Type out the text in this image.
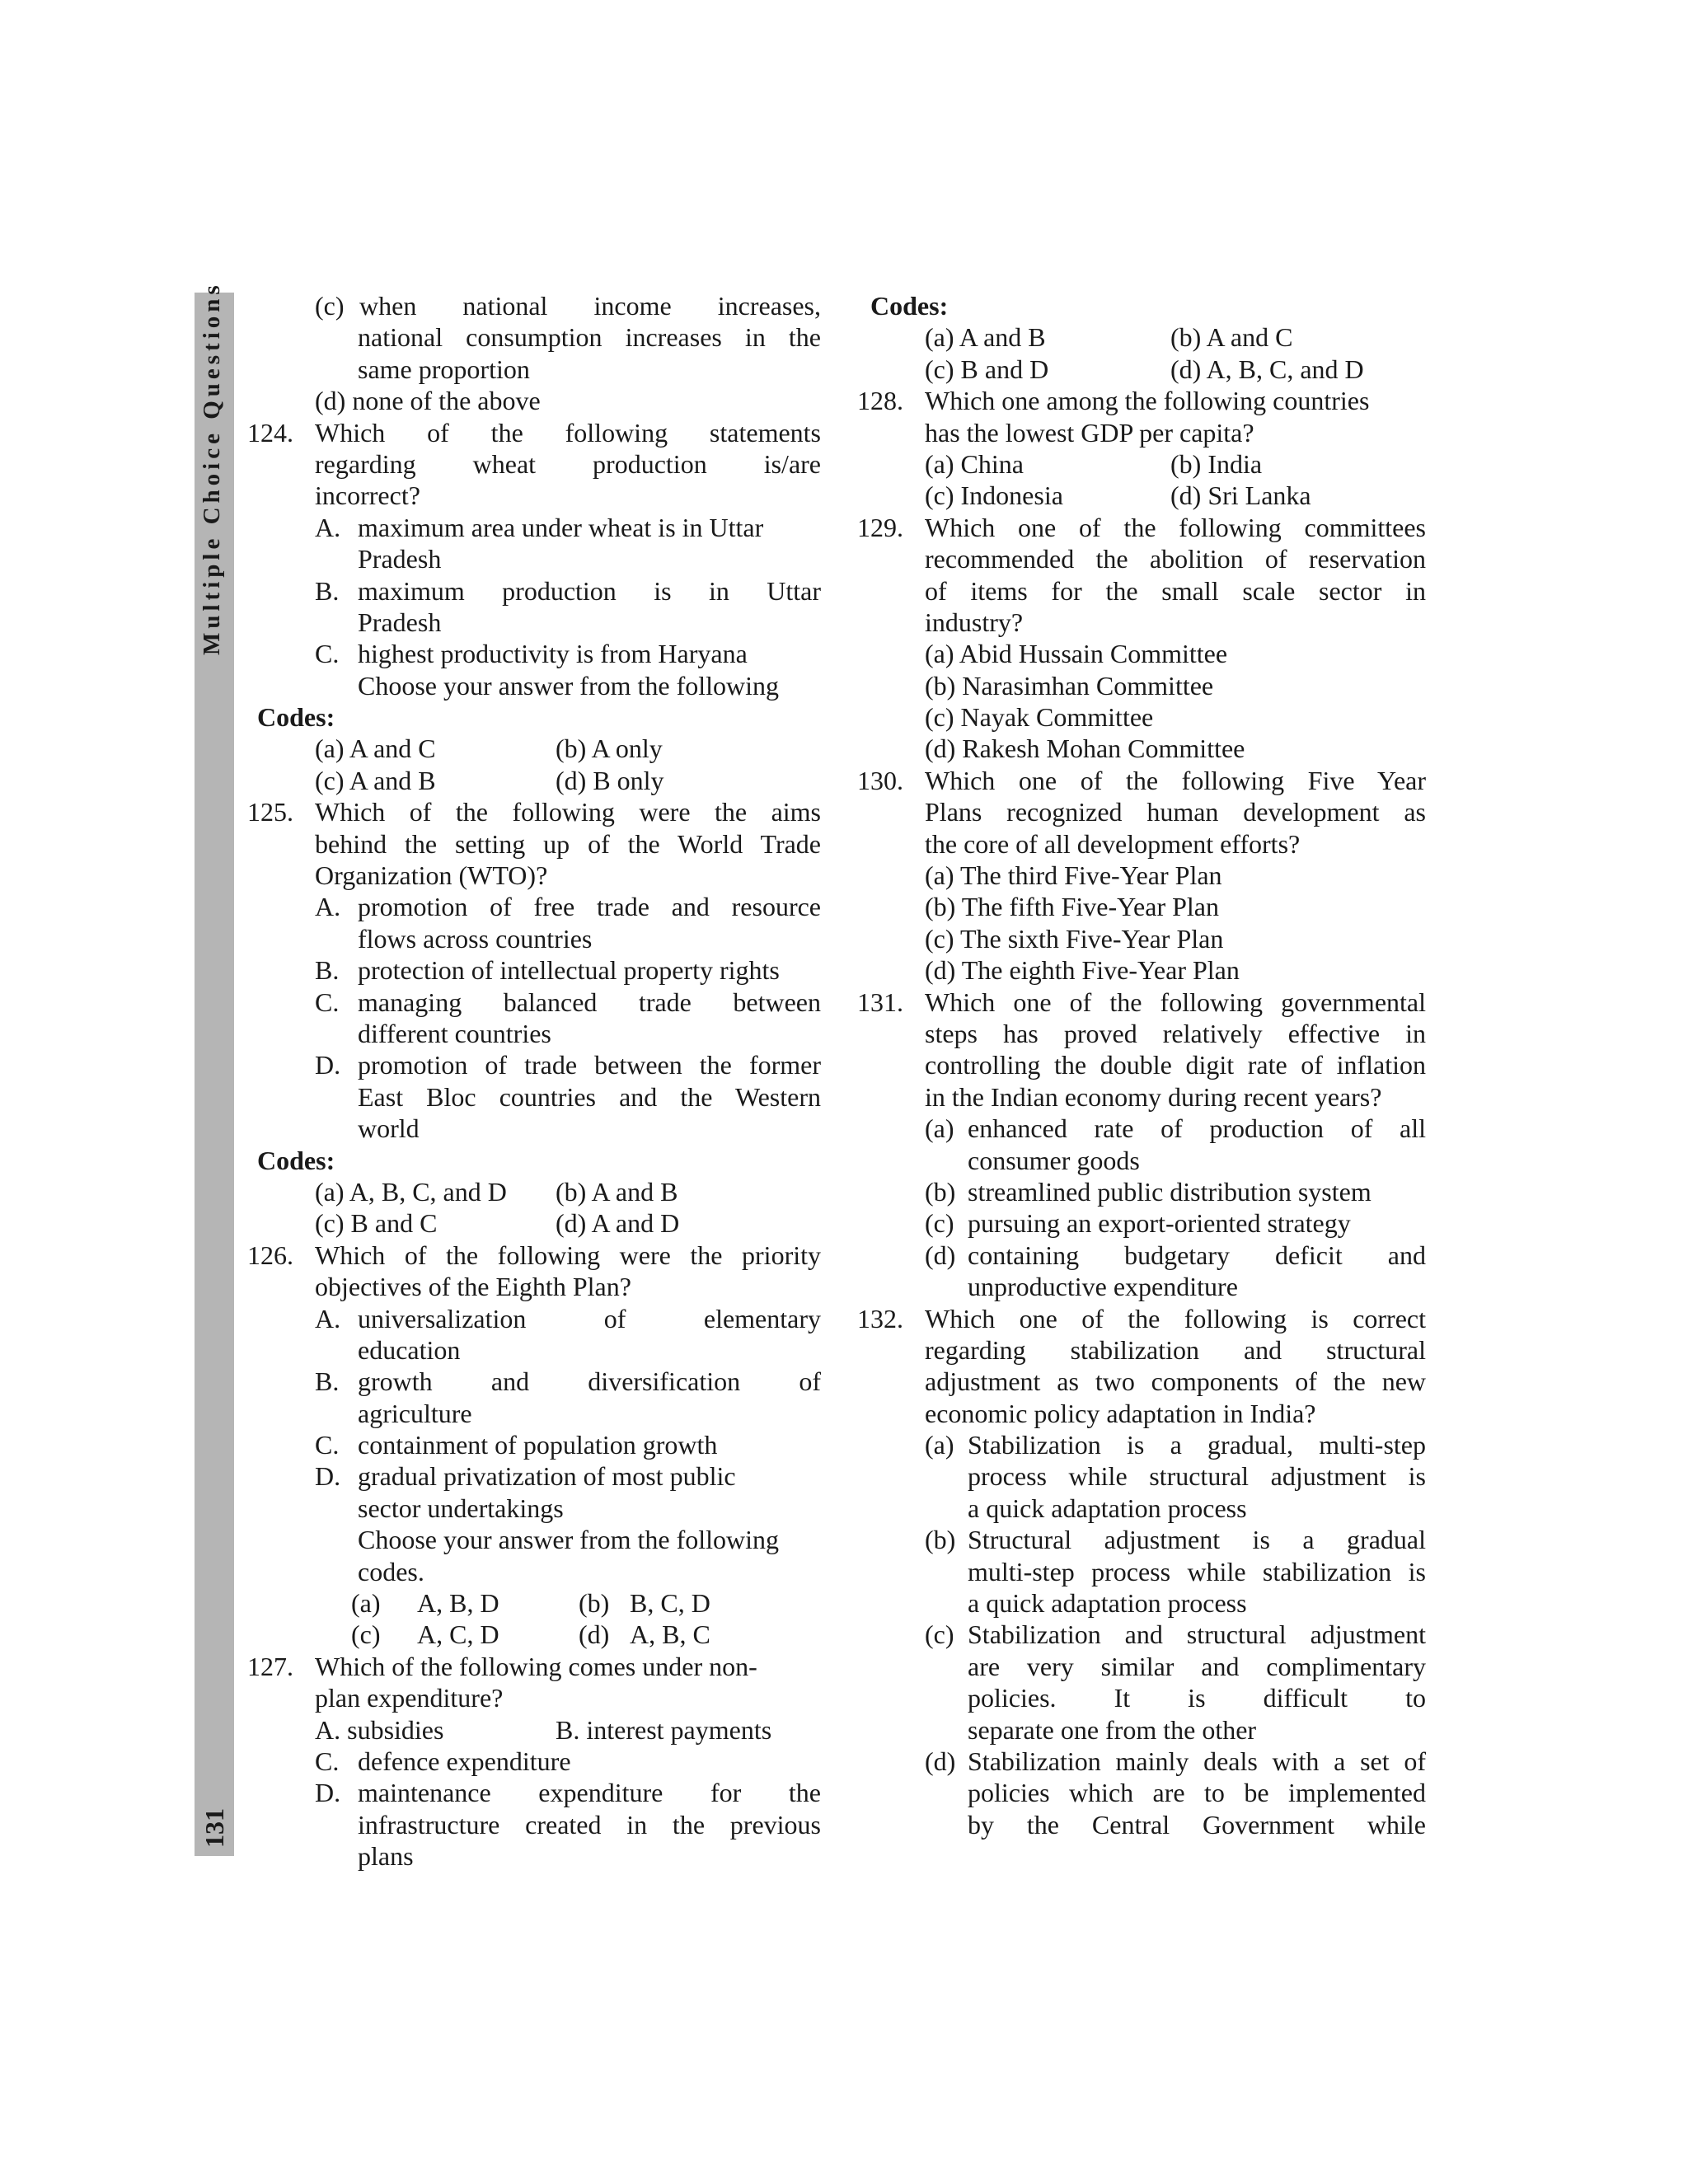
Multiple Choice Questions
131
(c) when national income increases,
national consumption increases in the
same proportion
(d) none of the above
124. Which of the following statements
regarding wheat production is/are
incorrect?
A. maximum area under wheat is in Uttar
Pradesh
B. maximum production is in Uttar
Pradesh
C. highest productivity is from Haryana
Choose your answer from the following
Codes:
(a) A and C	(b) A only
(c) A and B	(d) B only
125. Which of the following were the aims
behind the setting up of the World Trade
Organization (WTO)?
A. promotion of free trade and resource
flows across countries
B. protection of intellectual property rights
C. managing balanced trade between
different countries
D. promotion of trade between the former
East Bloc countries and the Western
world
Codes:
(a) A, B, C, and D (b) A and B
(c) B and C	(d) A and D
126. Which of the following were the priority
objectives of the Eighth Plan?
A. universalization of elementary
education
B. growth and diversification of
agriculture
C. containment of population growth
D. gradual privatization of most public
sector undertakings
Choose your answer from the following
codes.
(a) A, B, D	(b) B, C, D
(c) A, C, D	(d) A, B, C
127. Which of the following comes under non-
plan expenditure?
A. subsidies	B. interest payments
C. defence expenditure
D. maintenance expenditure for the
infrastructure created in the previous
plans
Codes:
(a) A and B	(b) A and C
(c) B and D	(d) A, B, C, and D
128. Which one among the following countries
has the lowest GDP per capita?
(a) China	(b) India
(c) Indonesia	(d) Sri Lanka
129. Which one of the following committees
recommended the abolition of reservation
of items for the small scale sector in
industry?
(a) Abid Hussain Committee
(b) Narasimhan Committee
(c) Nayak Committee
(d) Rakesh Mohan Committee
130. Which one of the following Five Year
Plans recognized human development as
the core of all development efforts?
(a) The third Five-Year Plan
(b) The fifth Five-Year Plan
(c) The sixth Five-Year Plan
(d) The eighth Five-Year Plan
131. Which one of the following governmental
steps has proved relatively effective in
controlling the double digit rate of inflation
in the Indian economy during recent years?
(a) enhanced rate of production of all
consumer goods
(b) streamlined public distribution system
(c) pursuing an export-oriented strategy
(d) containing budgetary deficit and
unproductive expenditure
132. Which one of the following is correct
regarding stabilization and structural
adjustment as two components of the new
economic policy adaptation in India?
(a) Stabilization is a gradual, multi-step
process while structural adjustment is
a quick adaptation process
(b) Structural adjustment is a gradual
multi-step process while stabilization is
a quick adaptation process
(c) Stabilization and structural adjustment
are very similar and complimentary
policies. It is difficult to
separate one from the other
(d) Stabilization mainly deals with a set of
policies which are to be implemented
by the Central Government while
